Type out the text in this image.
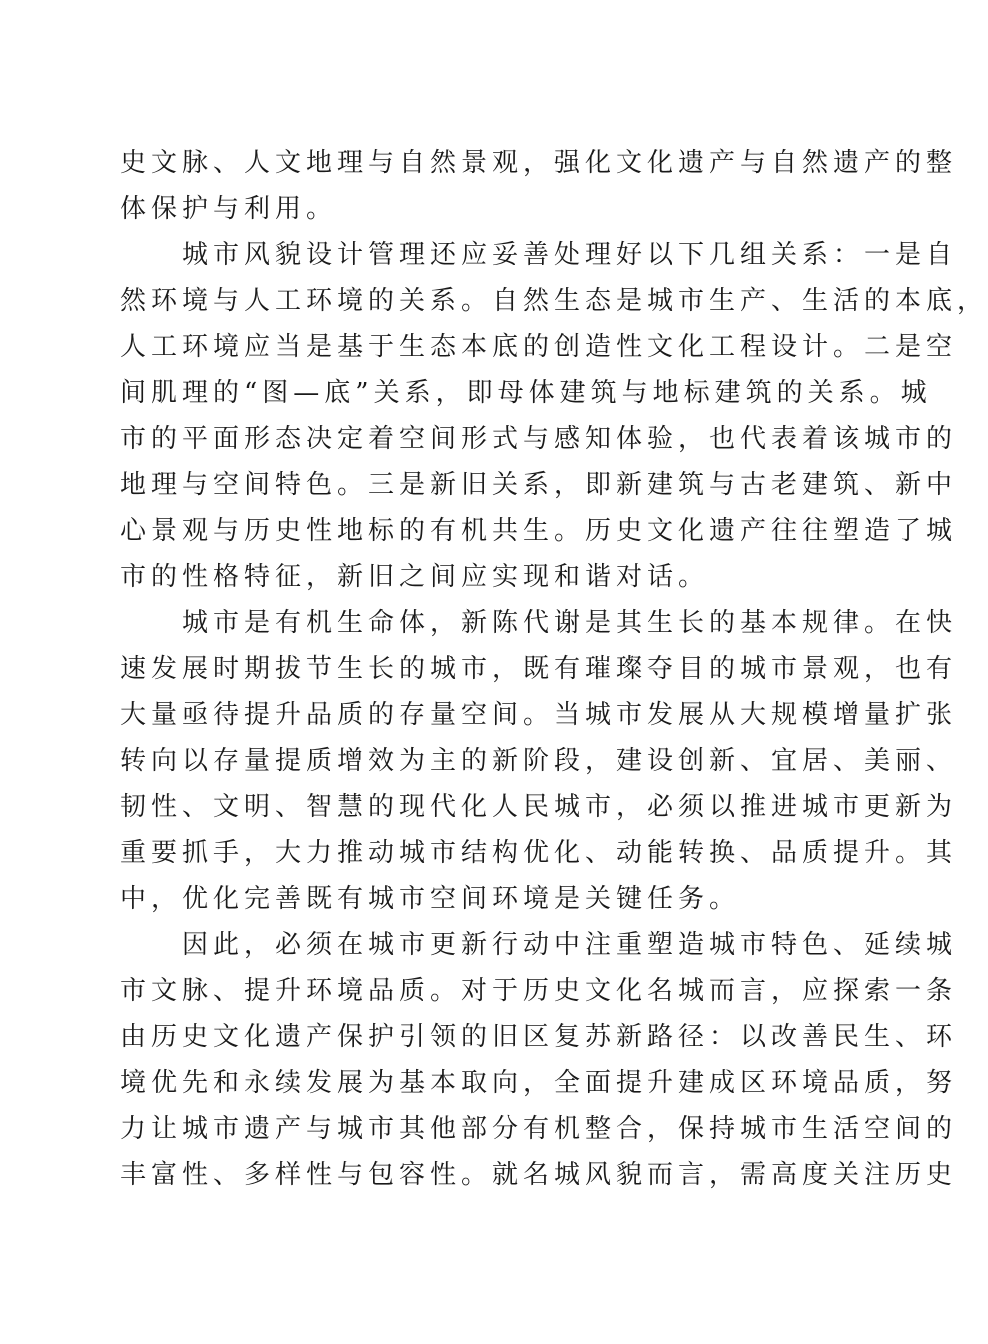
史文脉、人文地理与自然景观，强化文化遗产与自然遗产的整
体保护与利用。
城市风貌设计管理还应妥善处理好以下几组关系：一是自
然环境与人工环境的关系。自然生态是城市生产、生活的本底，
人工环境应当是基于生态本底的创造性文化工程设计。二是空
间肌理的“图—底”关系，即母体建筑与地标建筑的关系。城
市的平面形态决定着空间形式与感知体验，也代表着该城市的
地理与空间特色。三是新旧关系，即新建筑与古老建筑、新中
心景观与历史性地标的有机共生。历史文化遗产往往塑造了城
市的性格特征，新旧之间应实现和谐对话。
城市是有机生命体，新陈代谢是其生长的基本规律。在快
速发展时期拔节生长的城市，既有璀璨夺目的城市景观，也有
大量亟待提升品质的存量空间。当城市发展从大规模增量扩张
转向以存量提质增效为主的新阶段，建设创新、宜居、美丽、
韧性、文明、智慧的现代化人民城市，必须以推进城市更新为
重要抓手，大力推动城市结构优化、动能转换、品质提升。其
中，优化完善既有城市空间环境是关键任务。
因此，必须在城市更新行动中注重塑造城市特色、延续城
市文脉、提升环境品质。对于历史文化名城而言，应探索一条
由历史文化遗产保护引领的旧区复苏新路径：以改善民生、环
境优先和永续发展为基本取向，全面提升建成区环境品质，努
力让城市遗产与城市其他部分有机整合，保持城市生活空间的
丰富性、多样性与包容性。就名城风貌而言，需高度关注历史
